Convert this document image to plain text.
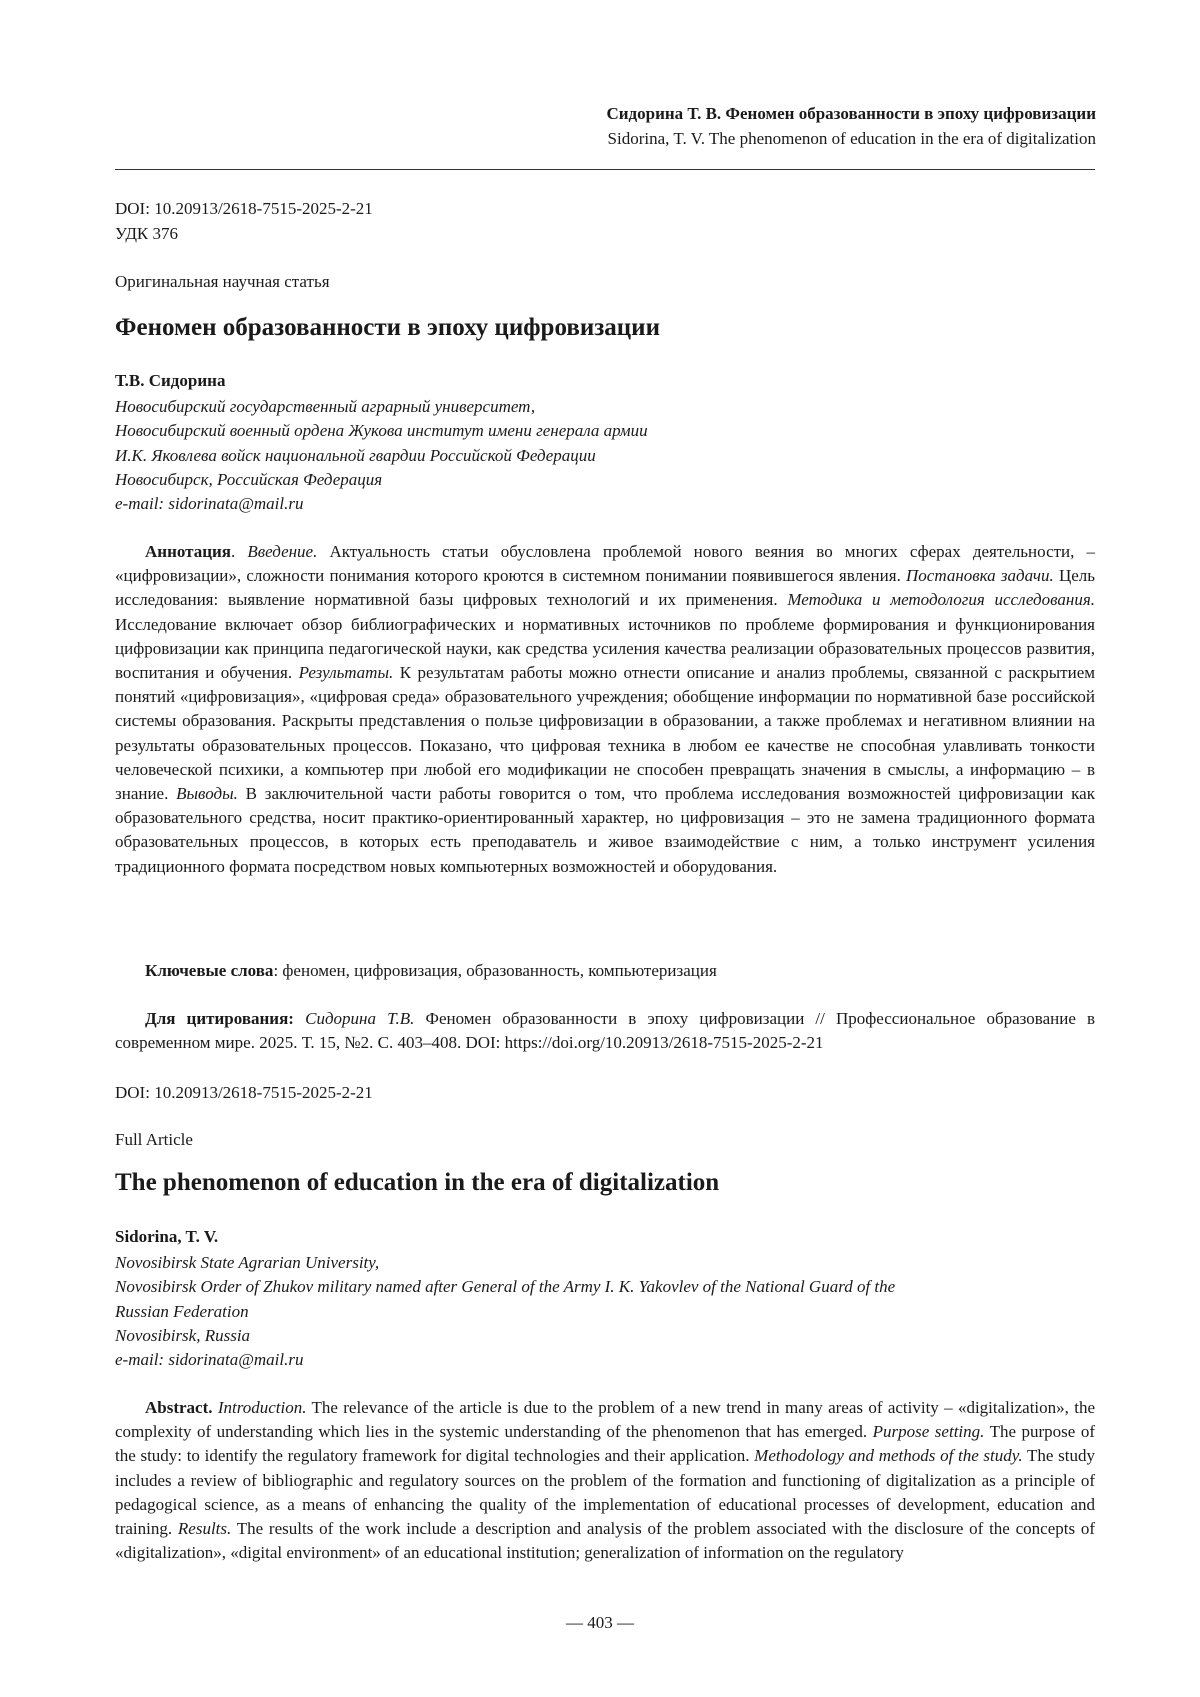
Сидорина Т. В. Феномен образованности в эпоху цифровизации
Sidorina, T. V. The phenomenon of education in the era of digitalization
DOI: 10.20913/2618-7515-2025-2-21
УДК 376
Оригинальная научная статья
Феномен образованности в эпоху цифровизации
Т.В. Сидорина
Новосибирский государственный аграрный университет,
Новосибирский военный ордена Жукова институт имени генерала армии
И.К. Яковлева войск национальной гвардии Российской Федерации
Новосибирск, Российская Федерация
e-mail: sidorinata@mail.ru
Аннотация. Введение. Актуальность статьи обусловлена проблемой нового веяния во многих сферах деятельности, – «цифровизации», сложности понимания которого кроются в системном понимании появившегося явления. Постановка задачи. Цель исследования: выявление нормативной базы цифровых технологий и их применения. Методика и методология исследования. Исследование включает обзор библиографических и нормативных источников по проблеме формирования и функционирования цифровизации как принципа педагогической науки, как средства усиления качества реализации образовательных процессов развития, воспитания и обучения. Результаты. К результатам работы можно отнести описание и анализ проблемы, связанной с раскрытием понятий «цифровизация», «цифровая среда» образовательного учреждения; обобщение информации по нормативной базе российской системы образования. Раскрыты представления о пользе цифровизации в образовании, а также проблемах и негативном влиянии на результаты образовательных процессов. Показано, что цифровая техника в любом ее качестве не способная улавливать тонкости человеческой психики, а компьютер при любой его модификации не способен превращать значения в смыслы, а информацию – в знание. Выводы. В заключительной части работы говорится о том, что проблема исследования возможностей цифровизации как образовательного средства, носит практико-ориентированный характер, но цифровизация – это не замена традиционного формата образовательных процессов, в которых есть преподаватель и живое взаимодействие с ним, а только инструмент усиления традиционного формата посредством новых компьютерных возможностей и оборудования.
Ключевые слова: феномен, цифровизация, образованность, компьютеризация
Для цитирования: Сидорина Т.В. Феномен образованности в эпоху цифровизации // Профессиональное образование в современном мире. 2025. Т. 15, №2. С. 403–408. DOI: https://doi.org/10.20913/2618-7515-2025-2-21
DOI: 10.20913/2618-7515-2025-2-21
Full Article
The phenomenon of education in the era of digitalization
Sidorina, T. V.
Novosibirsk State Agrarian University,
Novosibirsk Order of Zhukov military named after General of the Army I. K. Yakovlev of the National Guard of the
Russian Federation
Novosibirsk, Russia
e-mail: sidorinata@mail.ru
Abstract. Introduction. The relevance of the article is due to the problem of a new trend in many areas of activity – «digitalization», the complexity of understanding which lies in the systemic understanding of the phenomenon that has emerged. Purpose setting. The purpose of the study: to identify the regulatory framework for digital technologies and their application. Methodology and methods of the study. The study includes a review of bibliographic and regulatory sources on the problem of the formation and functioning of digitalization as a principle of pedagogical science, as a means of enhancing the quality of the implementation of educational processes of development, education and training. Results. The results of the work include a description and analysis of the problem associated with the disclosure of the concepts of «digitalization», «digital environment» of an educational institution; generalization of information on the regulatory
— 403 —
